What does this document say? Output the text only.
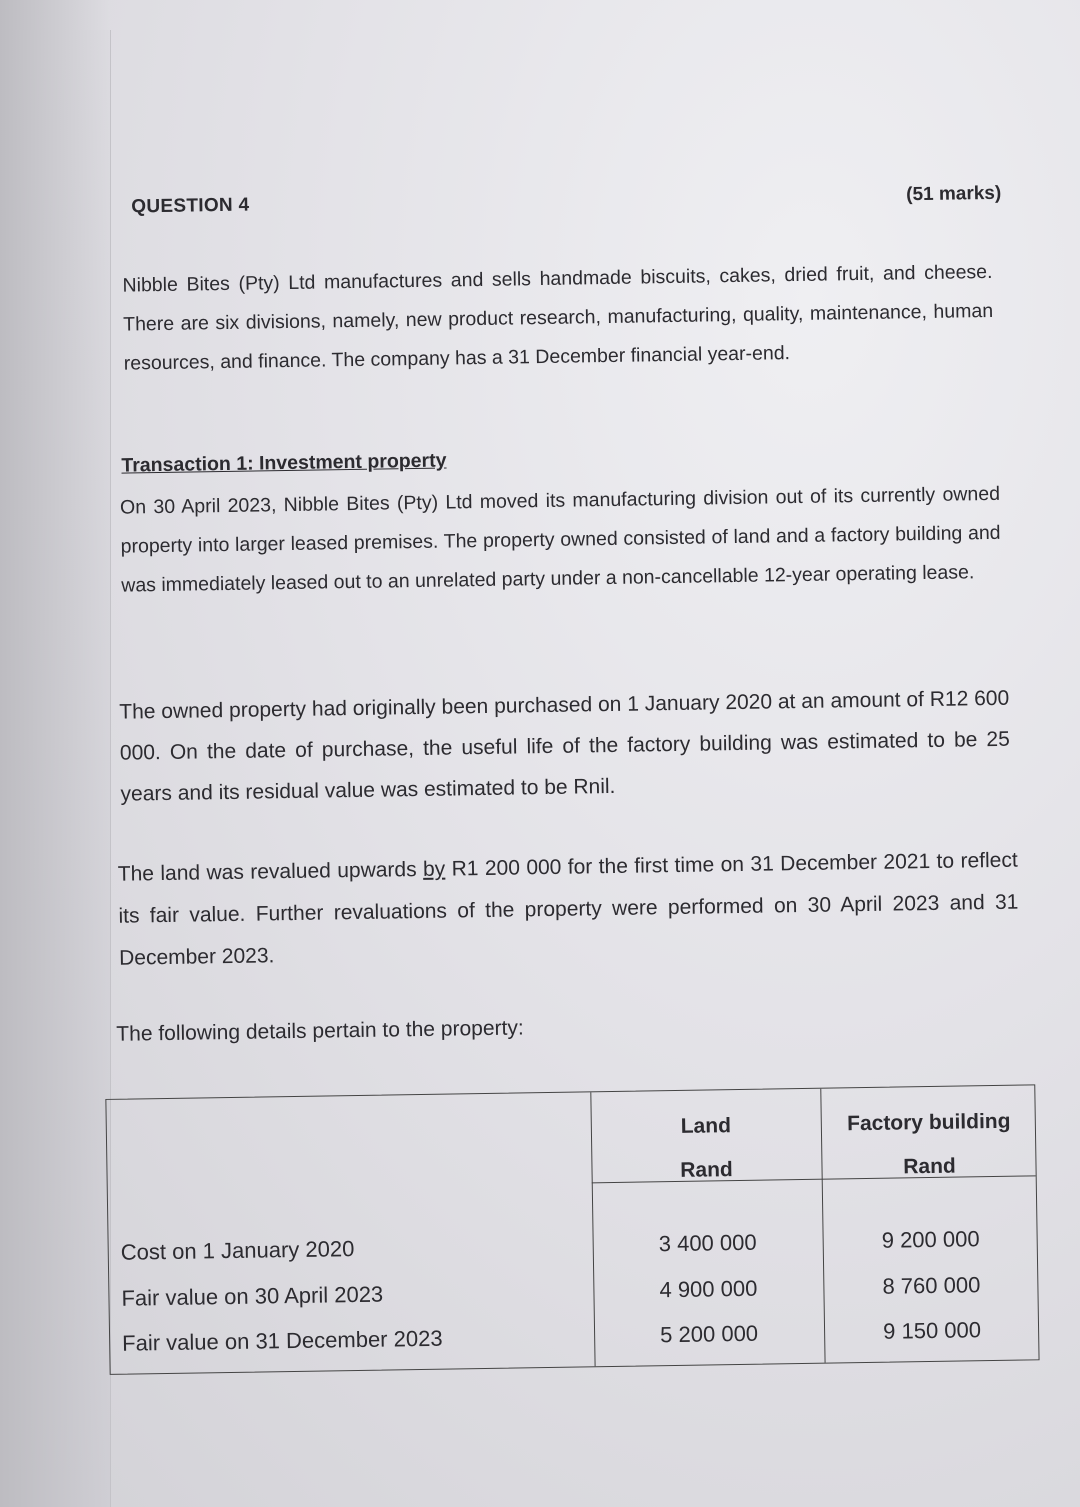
QUESTION 4
(51 marks)
Nibble Bites (Pty) Ltd manufactures and sells handmade biscuits, cakes, dried fruit, and cheese. There are six divisions, namely, new product research, manufacturing, quality, maintenance, human resources, and finance. The company has a 31 December financial year-end.
Transaction 1: Investment property
On 30 April 2023, Nibble Bites (Pty) Ltd moved its manufacturing division out of its currently owned property into larger leased premises. The property owned consisted of land and a factory building and was immediately leased out to an unrelated party under a non-cancellable 12-year operating lease.
The owned property had originally been purchased on 1 January 2020 at an amount of R12 600 000. On the date of purchase, the useful life of the factory building was estimated to be 25 years and its residual value was estimated to be Rnil.
The land was revalued upwards by R1 200 000 for the first time on 31 December 2021 to reflect its fair value. Further revaluations of the property were performed on 30 April 2023 and 31 December 2023.
The following details pertain to the property:
Land
Rand
Factory building
Rand
Cost on 1 January 2020	3 400 000	9 200 000
Fair value on 30 April 2023	4 900 000	8 760 000
Fair value on 31 December 2023	5 200 000	9 150 000
